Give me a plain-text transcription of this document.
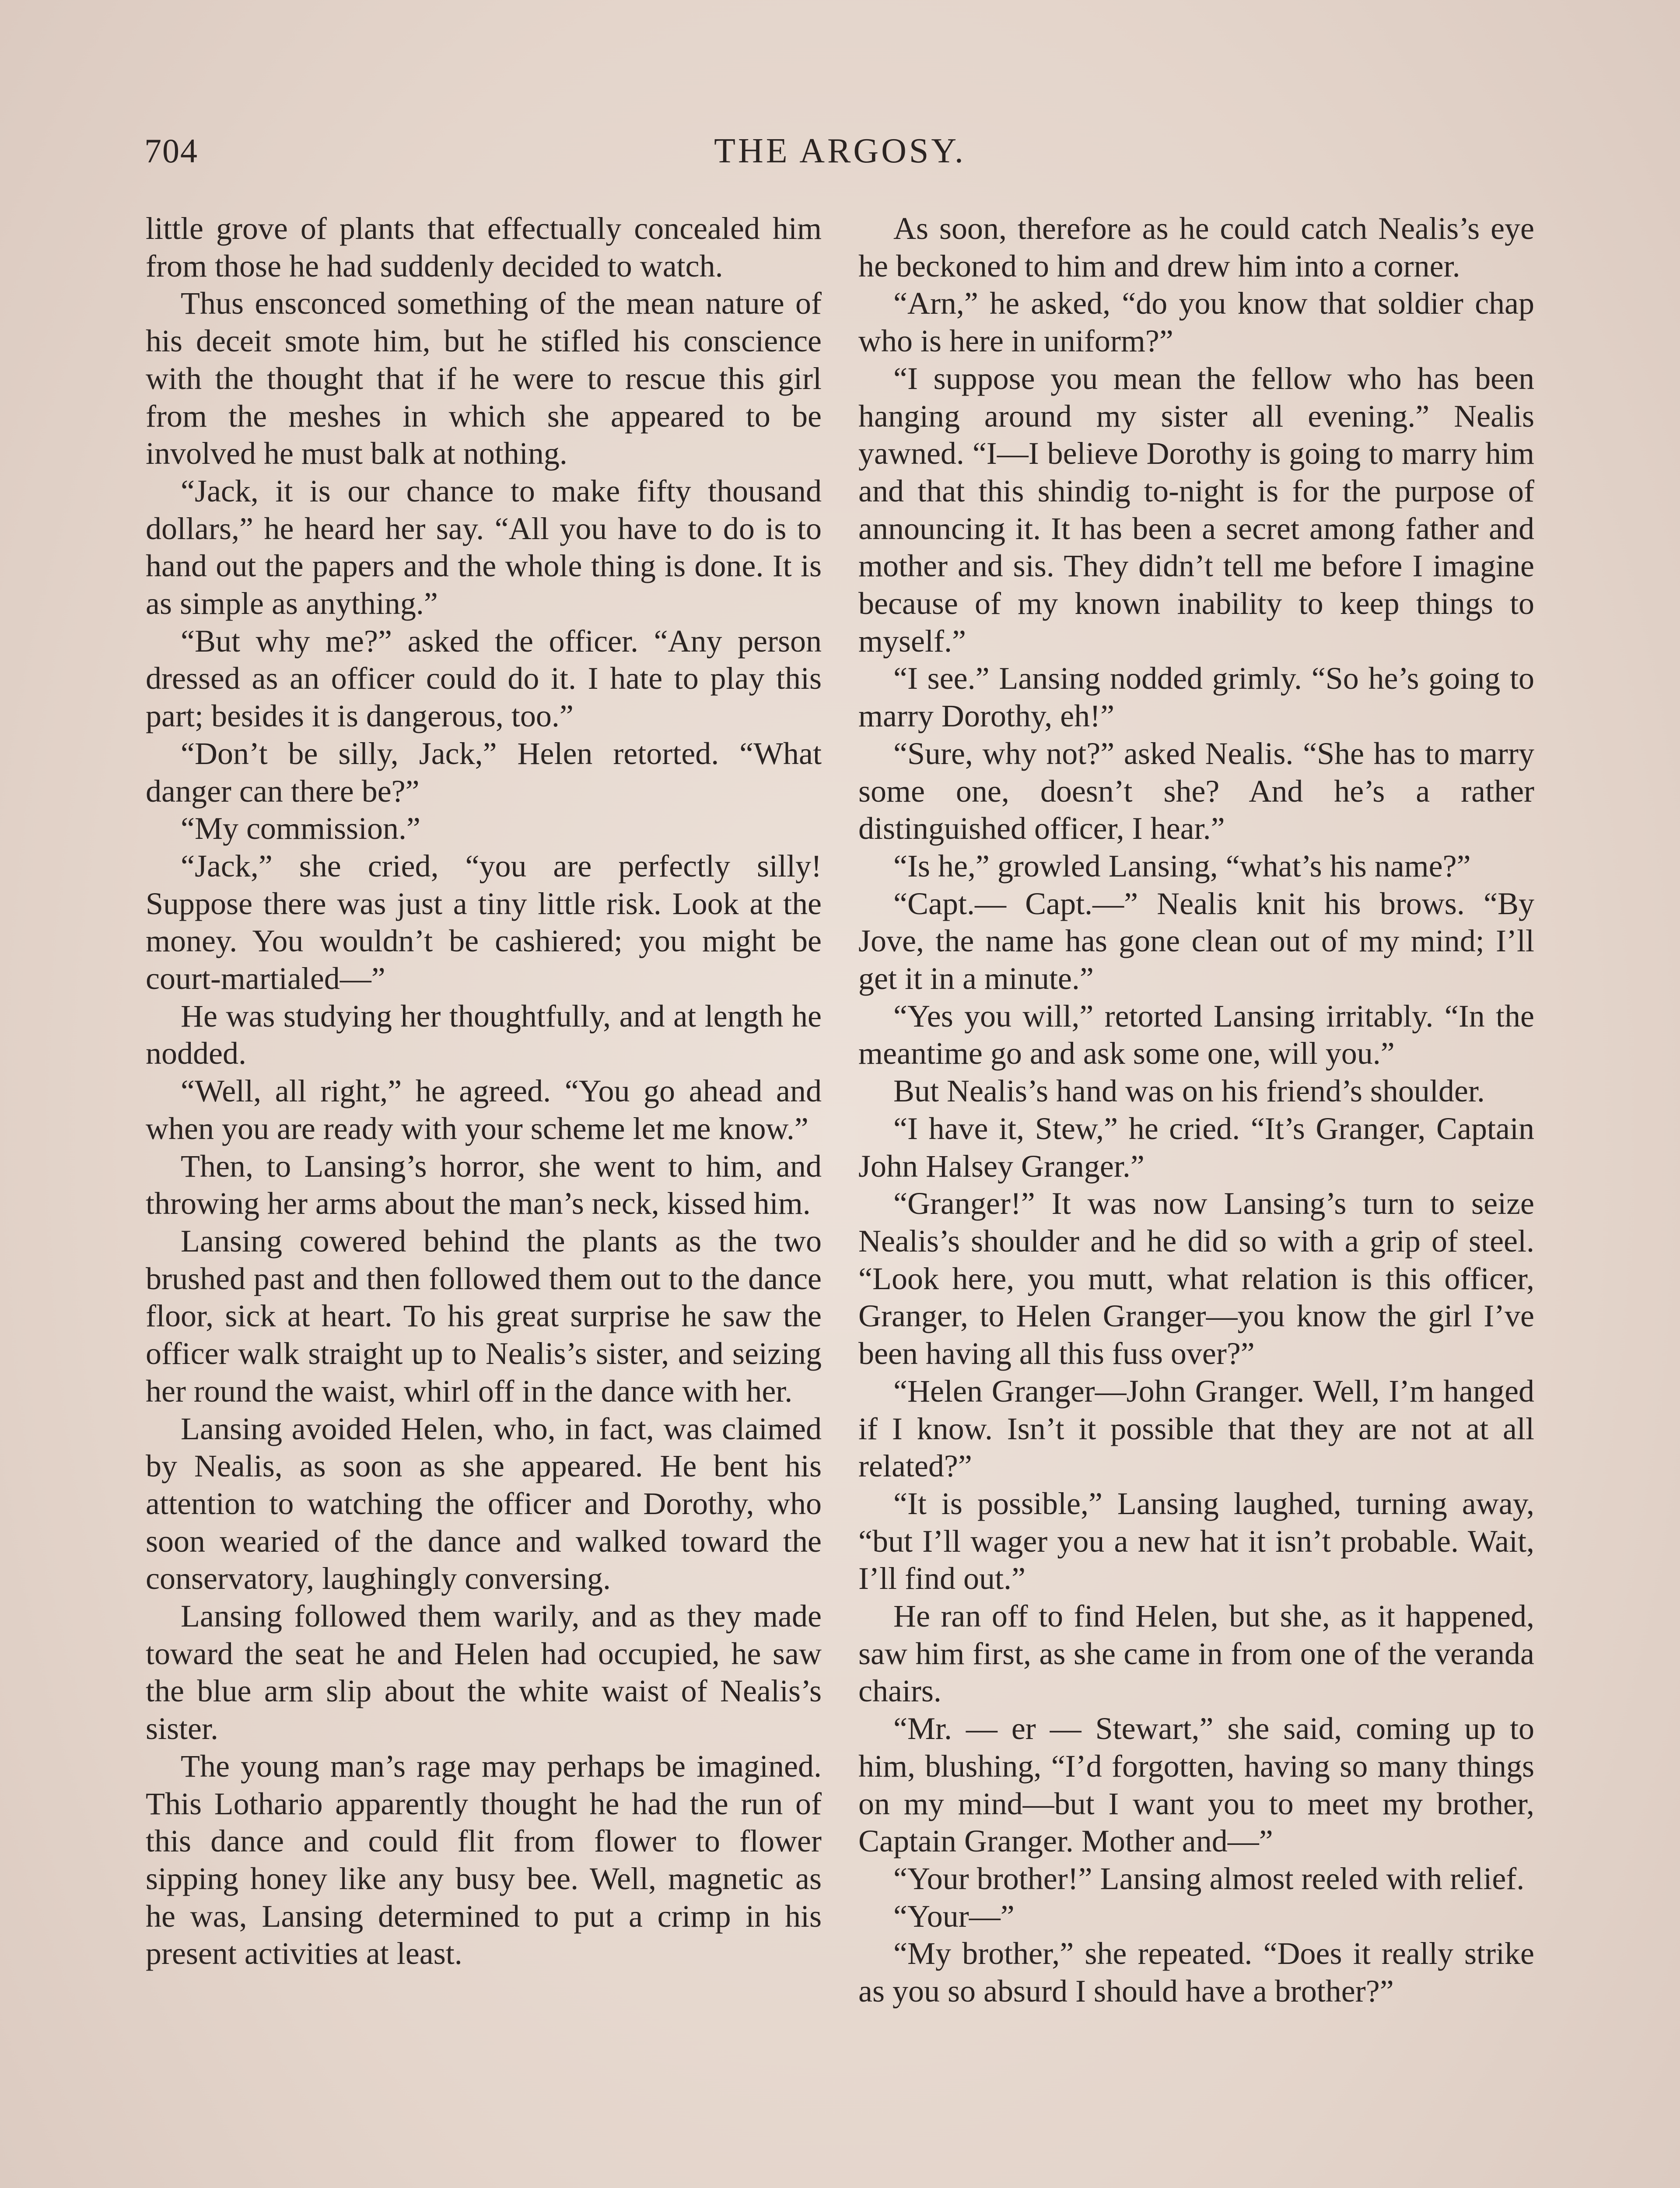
704	THE ARGOSY.

little grove of plants that effectually concealed him from those he had suddenly decided to watch.

Thus ensconced something of the mean nature of his deceit smote him, but he stifled his conscience with the thought that if he were to rescue this girl from the meshes in which she appeared to be involved he must balk at nothing.

“Jack, it is our chance to make fifty thousand dollars,” he heard her say. “All you have to do is to hand out the papers and the whole thing is done. It is as simple as anything.”

“But why me?” asked the officer. “Any person dressed as an officer could do it. I hate to play this part; besides it is dangerous, too.”

“Don’t be silly, Jack,” Helen retorted. “What danger can there be?”

“My commission.”

“Jack,” she cried, “you are perfectly silly! Suppose there was just a tiny little risk. Look at the money. You wouldn’t be cashiered; you might be court-martialed—”

He was studying her thoughtfully, and at length he nodded.

“Well, all right,” he agreed. “You go ahead and when you are ready with your scheme let me know.”

Then, to Lansing’s horror, she went to him, and throwing her arms about the man’s neck, kissed him.

Lansing cowered behind the plants as the two brushed past and then followed them out to the dance floor, sick at heart. To his great surprise he saw the officer walk straight up to Nealis’s sister, and seizing her round the waist, whirl off in the dance with her.

Lansing avoided Helen, who, in fact, was claimed by Nealis, as soon as she appeared. He bent his attention to watching the officer and Dorothy, who soon wearied of the dance and walked toward the conservatory, laughingly conversing.

Lansing followed them warily, and as they made toward the seat he and Helen had occupied, he saw the blue arm slip about the white waist of Nealis’s sister.

The young man’s rage may perhaps be imagined. This Lothario apparently thought he had the run of this dance and could flit from flower to flower sipping honey like any busy bee. Well, magnetic as he was, Lansing determined to put a crimp in his present activities at least.

As soon, therefore as he could catch Nealis’s eye he beckoned to him and drew him into a corner.

“Arn,” he asked, “do you know that soldier chap who is here in uniform?”

“I suppose you mean the fellow who has been hanging around my sister all evening.” Nealis yawned. “I—I believe Dorothy is going to marry him and that this shindig to-night is for the purpose of announcing it. It has been a secret among father and mother and sis. They didn’t tell me before I imagine because of my known inability to keep things to myself.”

“I see.” Lansing nodded grimly. “So he’s going to marry Dorothy, eh!”

“Sure, why not?” asked Nealis. “She has to marry some one, doesn’t she? And he’s a rather distinguished officer, I hear.”

“Is he,” growled Lansing, “what’s his name?”

“Capt.— Capt.—” Nealis knit his brows. “By Jove, the name has gone clean out of my mind; I’ll get it in a minute.”

“Yes you will,” retorted Lansing irritably. “In the meantime go and ask some one, will you.”

But Nealis’s hand was on his friend’s shoulder.

“I have it, Stew,” he cried. “It’s Granger, Captain John Halsey Granger.”

“Granger!” It was now Lansing’s turn to seize Nealis’s shoulder and he did so with a grip of steel. “Look here, you mutt, what relation is this officer, Granger, to Helen Granger—you know the girl I’ve been having all this fuss over?”

“Helen Granger—John Granger. Well, I’m hanged if I know. Isn’t it possible that they are not at all related?”

“It is possible,” Lansing laughed, turning away, “but I’ll wager you a new hat it isn’t probable. Wait, I’ll find out.”

He ran off to find Helen, but she, as it happened, saw him first, as she came in from one of the veranda chairs.

“Mr. — er — Stewart,” she said, coming up to him, blushing, “I’d forgotten, having so many things on my mind—but I want you to meet my brother, Captain Granger. Mother and—”

“Your brother!” Lansing almost reeled with relief.

“Your—”

“My brother,” she repeated. “Does it really strike as you so absurd I should have a brother?”
